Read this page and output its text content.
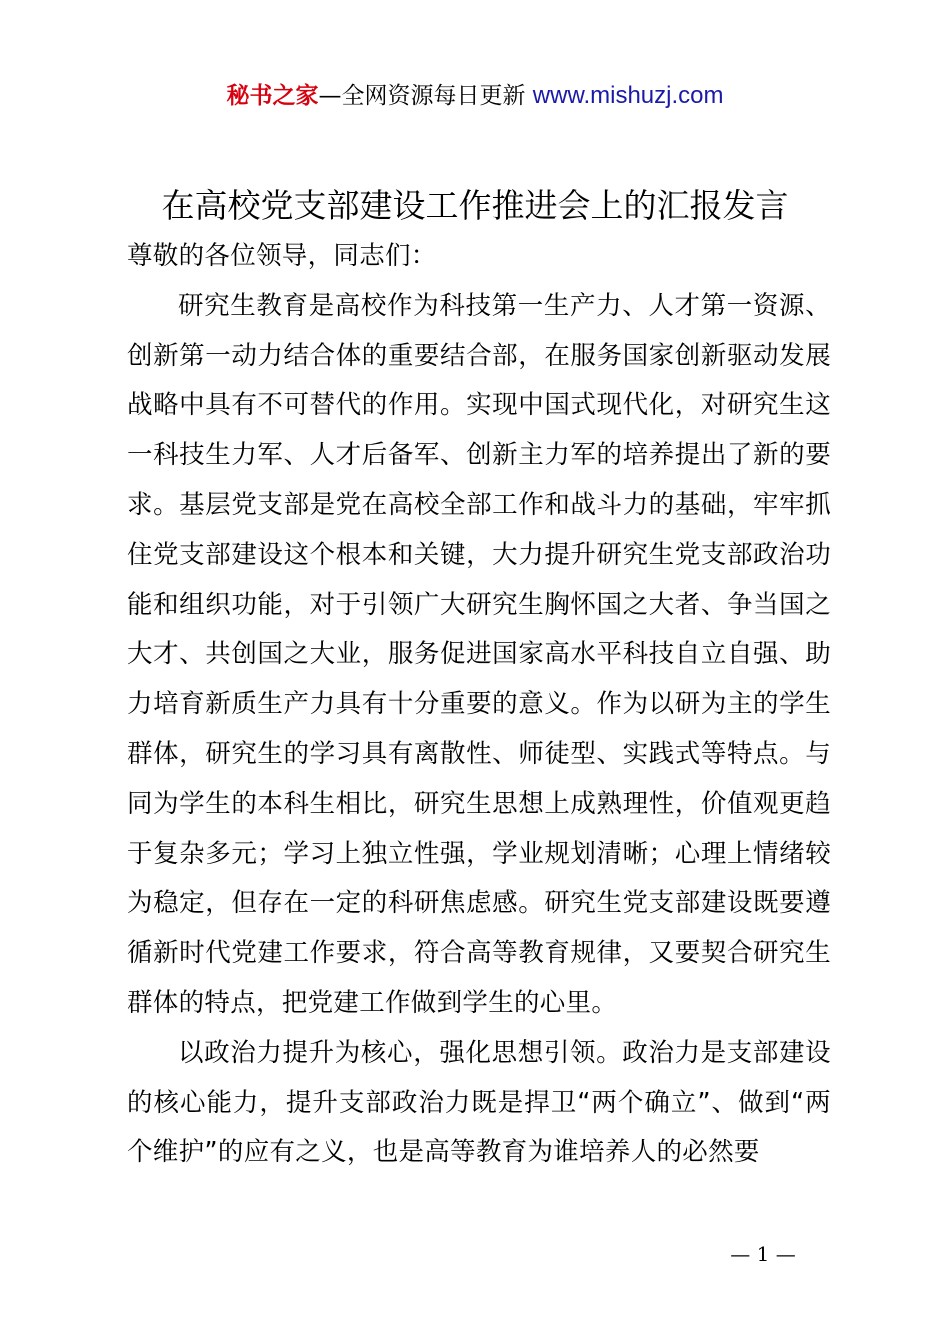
秘书之家—全网资源每日更新 www.mishuzj.com
在高校党支部建设工作推进会上的汇报发言

尊敬的各位领导，同志们：

研究生教育是高校作为科技第一生产力、人才第一资源、创新第一动力结合体的重要结合部，在服务国家创新驱动发展战略中具有不可替代的作用。实现中国式现代化，对研究生这一科技生力军、人才后备军、创新主力军的培养提出了新的要求。基层党支部是党在高校全部工作和战斗力的基础，牢牢抓住党支部建设这个根本和关键，大力提升研究生党支部政治功能和组织功能，对于引领广大研究生胸怀国之大者、争当国之大才、共创国之大业，服务促进国家高水平科技自立自强、助力培育新质生产力具有十分重要的意义。作为以研为主的学生群体，研究生的学习具有离散性、师徒型、实践式等特点。与同为学生的本科生相比，研究生思想上成熟理性，价值观更趋于复杂多元；学习上独立性强，学业规划清晰；心理上情绪较为稳定，但存在一定的科研焦虑感。研究生党支部建设既要遵循新时代党建工作要求，符合高等教育规律，又要契合研究生群体的特点，把党建工作做到学生的心里。

以政治力提升为核心，强化思想引领。政治力是支部建设的核心能力，提升支部政治力既是捍卫“两个确立”、做到“两个维护”的应有之义，也是高等教育为谁培养人的必然要

— 1 —
